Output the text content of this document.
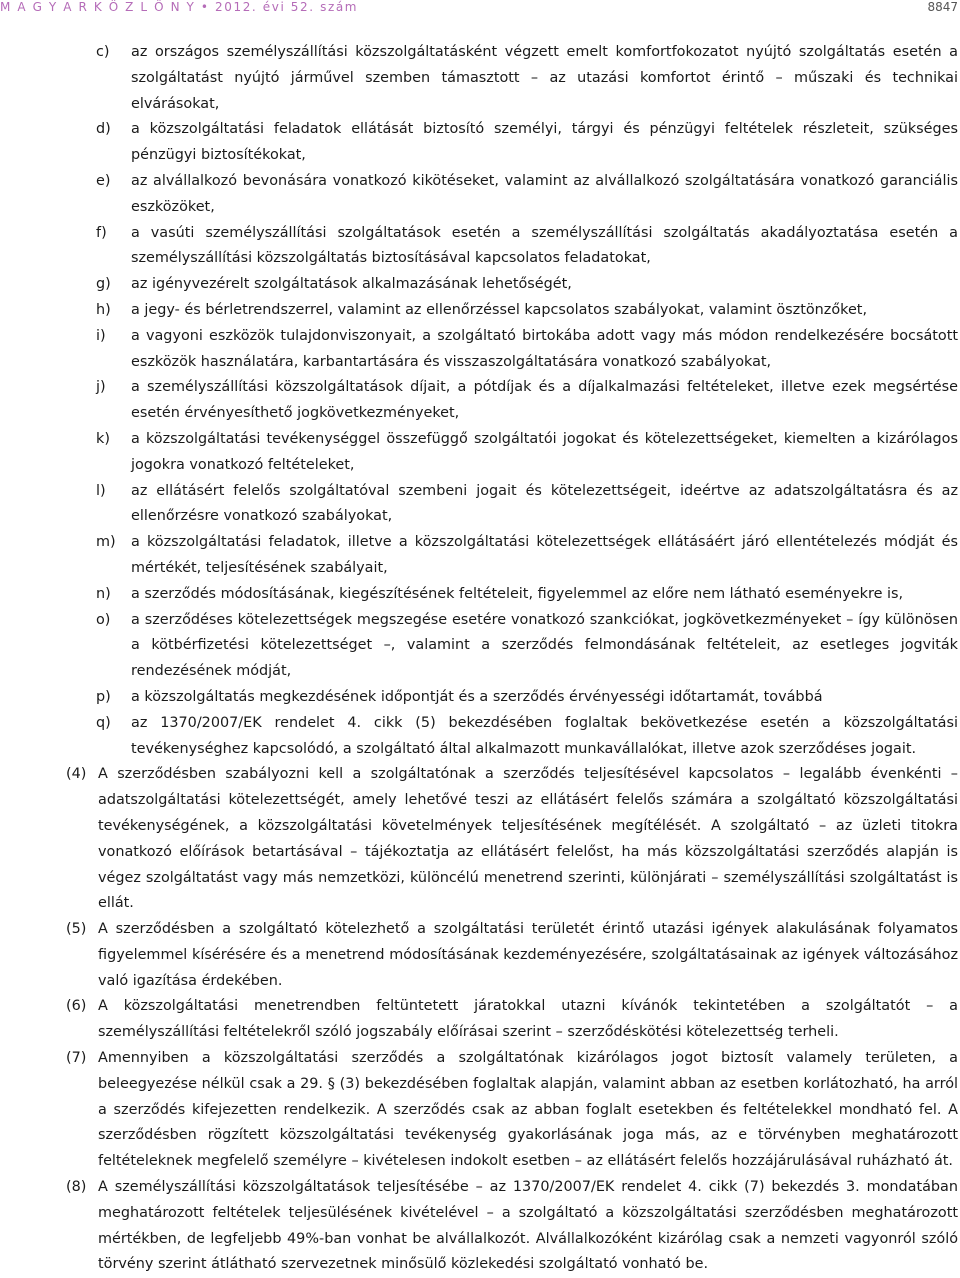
M A G Y A R K Ö Z L Ö N Y • 2012. évi 52. szám	8847
c) az országos személyszállítási közszolgáltatásként végzett emelt komfortfokozatot nyújtó szolgáltatás esetén a szolgáltatást nyújtó járművel szemben támasztott – az utazási komfortot érintő – műszaki és technikai elvárásokat,
d) a közszolgáltatási feladatok ellátását biztosító személyi, tárgyi és pénzügyi feltételek részleteit, szükséges pénzügyi biztosítékokat,
e) az alvállalkozó bevonására vonatkozó kikötéseket, valamint az alvállalkozó szolgáltatására vonatkozó garanciális eszközöket,
f) a vasúti személyszállítási szolgáltatások esetén a személyszállítási szolgáltatás akadályoztatása esetén a személyszállítási közszolgáltatás biztosításával kapcsolatos feladatokat,
g) az igényvezérelt szolgáltatások alkalmazásának lehetőségét,
h) a jegy- és bérletrendszerrel, valamint az ellenőrzéssel kapcsolatos szabályokat, valamint ösztönzőket,
i) a vagyoni eszközök tulajdonviszonyait, a szolgáltató birtokába adott vagy más módon rendelkezésére bocsátott eszközök használatára, karbantartására és visszaszolgáltatására vonatkozó szabályokat,
j) a személyszállítási közszolgáltatások díjait, a pótdíjak és a díjalkalmazási feltételeket, illetve ezek megsértése esetén érvényesíthető jogkövetkezményeket,
k) a közszolgáltatási tevékenységgel összefüggő szolgáltatói jogokat és kötelezettségeket, kiemelten a kizárólagos jogokra vonatkozó feltételeket,
l) az ellátásért felelős szolgáltatóval szembeni jogait és kötelezettségeit, ideértve az adatszolgáltatásra és az ellenőrzésre vonatkozó szabályokat,
m) a közszolgáltatási feladatok, illetve a közszolgáltatási kötelezettségek ellátásáért járó ellentételezés módját és mértékét, teljesítésének szabályait,
n) a szerződés módosításának, kiegészítésének feltételeit, figyelemmel az előre nem látható eseményekre is,
o) a szerződéses kötelezettségek megszegése esetére vonatkozó szankciókat, jogkövetkezményeket – így különösen a kötbérfizetési kötelezettséget –, valamint a szerződés felmondásának feltételeit, az esetleges jogviták rendezésének módját,
p) a közszolgáltatás megkezdésének időpontját és a szerződés érvényességi időtartamát, továbbá
q) az 1370/2007/EK rendelet 4. cikk (5) bekezdésében foglaltak bekövetkezése esetén a közszolgáltatási tevékenységhez kapcsolódó, a szolgáltató által alkalmazott munkavállalókat, illetve azok szerződéses jogait.
(4) A szerződésben szabályozni kell a szolgáltatónak a szerződés teljesítésével kapcsolatos – legalább évenkénti – adatszolgáltatási kötelezettségét, amely lehetővé teszi az ellátásért felelős számára a szolgáltató közszolgáltatási tevékenységének, a közszolgáltatási követelmények teljesítésének megítélését. A szolgáltató – az üzleti titokra vonatkozó előírások betartásával – tájékoztatja az ellátásért felelőst, ha más közszolgáltatási szerződés alapján is végez szolgáltatást vagy más nemzetközi, különcélú menetrend szerinti, különjárati – személyszállítási szolgáltatást is ellát.
(5) A szerződésben a szolgáltató kötelezhető a szolgáltatási területét érintő utazási igények alakulásának folyamatos figyelemmel kísérésére és a menetrend módosításának kezdeményezésére, szolgáltatásainak az igények változásához való igazítása érdekében.
(6) A közszolgáltatási menetrendben feltüntetett járatokkal utazni kívánók tekintetében a szolgáltatót – a személyszállítási feltételekről szóló jogszabály előírásai szerint – szerződéskötési kötelezettség terheli.
(7) Amennyiben a közszolgáltatási szerződés a szolgáltatónak kizárólagos jogot biztosít valamely területen, a beleegyezése nélkül csak a 29. § (3) bekezdésében foglaltak alapján, valamint abban az esetben korlátozható, ha arról a szerződés kifejezetten rendelkezik. A szerződés csak az abban foglalt esetekben és feltételekkel mondható fel. A szerződésben rögzített közszolgáltatási tevékenység gyakorlásának joga más, az e törvényben meghatározott feltételeknek megfelelő személyre – kivételesen indokolt esetben – az ellátásért felelős hozzájárulásával ruházható át.
(8) A személyszállítási közszolgáltatások teljesítésébe – az 1370/2007/EK rendelet 4. cikk (7) bekezdés 3. mondatában meghatározott feltételek teljesülésének kivételével – a szolgáltató a közszolgáltatási szerződésben meghatározott mértékben, de legfeljebb 49%-ban vonhat be alvállalkozót. Alvállalkozóként kizárólag csak a nemzeti vagyonról szóló törvény szerint átlátható szervezetnek minősülő közlekedési szolgáltató vonható be.
